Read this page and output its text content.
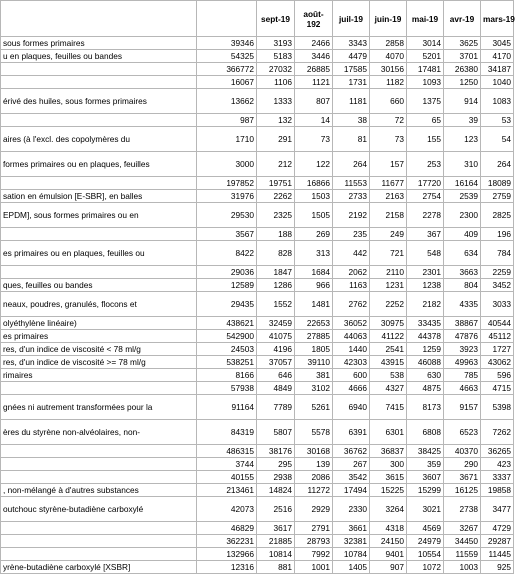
		sept-19	août-192	juil-19	juin-19	mai-19	avr-19	mars-19
sous formes primaires	39346	3193	2466	3343	2858	3014	3625	3045
u en plaques, feuilles ou bandes	54325	5183	3446	4479	4070	5201	3701	4170
	366772	27032	26885	17585	30156	17481	26380	34187
	16067	1106	1121	1731	1182	1093	1250	1040
érivé des huiles, sous formes primaires	13662	1333	807	1181	660	1375	914	1083
	987	132	14	38	72	65	39	53
aires (à l'excl. des copolymères du	1710	291	73	81	73	155	123	54
formes primaires ou en plaques, feuilles	3000	212	122	264	157	253	310	264
	197852	19751	16866	11553	11677	17720	16164	18089
sation en émulsion [E-SBR], en balles	31976	2262	1503	2733	2163	2754	2539	2759
EPDM], sous formes primaires ou en	29530	2325	1505	2192	2158	2278	2300	2825
	3567	188	269	235	249	367	409	196
es primaires ou en plaques, feuilles ou	8422	828	313	442	721	548	634	784
	29036	1847	1684	2062	2110	2301	3663	2259
ques, feuilles ou bandes	12589	1286	966	1163	1231	1238	804	3452
neaux, poudres, granulés, flocons et	29435	1552	1481	2762	2252	2182	4335	3033
olyéthylène linéaire)	438621	32459	22653	36052	30975	33435	38867	40544
es primaires	542900	41075	27885	44063	41122	44378	47876	45112
res, d'un indice de viscosité < 78 ml/g	24503	4196	1805	1440	2541	1259	3923	1727
res, d'un indice de viscosité >= 78 ml/g	538251	37057	39110	42303	43915	46088	49963	43062
rimaires	8166	646	381	600	538	630	785	596
	57938	4849	3102	4666	4327	4875	4663	4715
gnées ni autrement transformées pour la	91164	7789	5261	6940	7415	8173	9157	5398
ères du styrène non-alvéolaires, non-	84319	5807	5578	6391	6301	6808	6523	7262
	486315	38176	30168	36762	36837	38425	40370	36265
	3744	295	139	267	300	359	290	423
	40155	2938	2086	3542	3615	3607	3671	3337
, non-mélangé à d'autres substances	213461	14824	11272	17494	15225	15299	16125	19858
outchouc styrène-butadiène carboxylé	42073	2516	2929	2330	3264	3021	2738	3477
	46829	3617	2791	3661	4318	4569	3267	4729
	362231	21885	28793	32381	24150	24979	34450	29287
	132966	10814	7992	10784	9401	10554	11559	11445
yrène-butadiène carboxylé [XSBR]	12316	881	1001	1405	907	1072	1003	925
